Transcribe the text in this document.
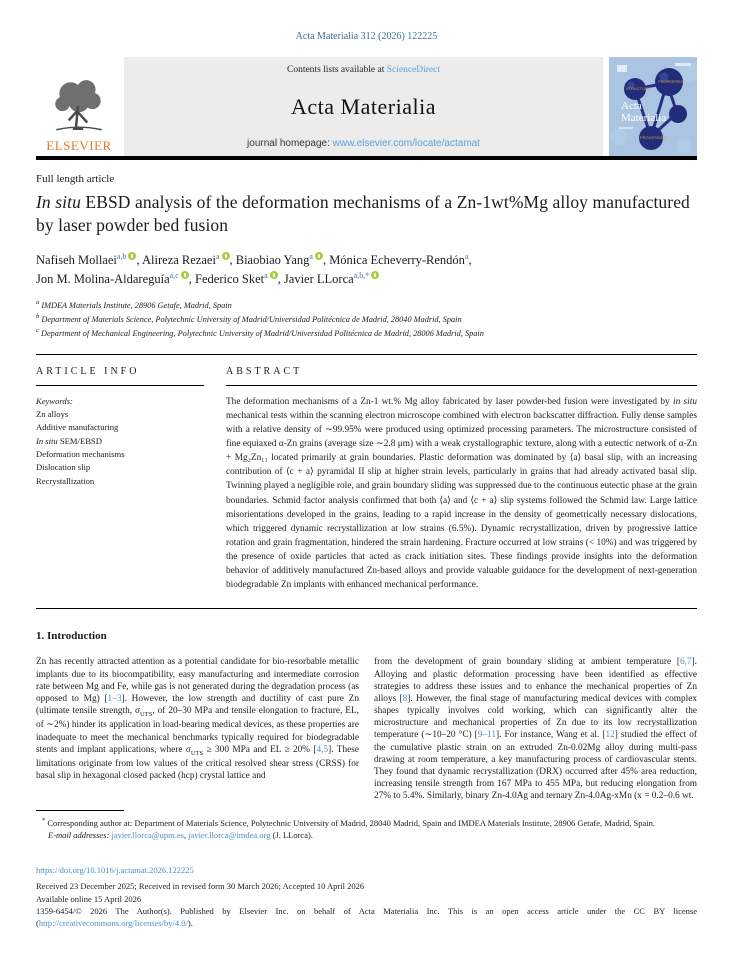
Acta Materialia 312 (2026) 122225
ELSEVIER
Contents lists available at ScienceDirect
Acta Materialia
journal homepage: www.elsevier.com/locate/actamat
STRUCTURE
PROPERTIES
PROCESSING
Acta
Materialia
Full length article
In situ EBSD analysis of the deformation mechanisms of a Zn-1wt%Mg alloy manufactured by laser powder bed fusion

Nafiseh Mollaei$^{a,b}$ , Alireza Rezaei$^a$ , Biaobiao Yang$^a$ , Mónica Echeverry-Rendón$^a$,
Jon M. Molina-Aldareguía$^{a,c}$ , Federico Sket$^a$ , Javier LLorca$^{a,b,*}$

$^a$ IMDEA Materials Institute, 28906 Getafe, Madrid, Spain
$^b$ Department of Materials Science, Polytechnic University of Madrid/Universidad Politécnica de Madrid, 28040 Madrid, Spain
$^c$ Department of Mechanical Engineering, Polytechnic University of Madrid/Universidad Politécnica de Madrid, 28006 Madrid, Spain
ARTICLE INFO
Keywords:
Zn alloys
Additive manufacturing
In situ SEM/EBSD
Deformation mechanisms
Dislocation slip
Recrystallization
ABSTRACT

The deformation mechanisms of a Zn-1 wt.% Mg alloy fabricated by laser powder-bed fusion were investigated by in situ mechanical tests within the scanning electron microscope combined with electron backscatter diffraction. Fully dense samples with a relative density of ∼99.95% were produced using optimized processing parameters. The microstructure consisted of fine equiaxed α-Zn grains (average size ∼2.8 μm) with a weak crystallographic texture, along with a eutectic network of α-Zn + Mg₂Zn₁₁ located primarily at grain boundaries. Plastic deformation was dominated by ⟨a⟩ basal slip, with an increasing contribution of ⟨c + a⟩ pyramidal II slip at higher strain levels, particularly in grains that had already activated basal slip. Twinning played a negligible role, and grain boundary sliding was suppressed due to the continuous eutectic phase at the grain boundaries. Schmid factor analysis confirmed that both ⟨a⟩ and ⟨c + a⟩ slip systems followed the Schmid law. Large lattice misorientations developed in the grains, leading to a rapid increase in the density of geometrically necessary dislocations, which triggered dynamic recrystallization at low strains (6.5%). Dynamic recrystallization, driven by progressive lattice rotation and grain fragmentation, hindered the strain hardening. Fracture occurred at low strains (< 10%) and was triggered by the presence of oxide particles that acted as crack initiation sites. These findings provide insights into the deformation behavior of additively manufactured Zn-based alloys and provide valuable guidance for the development of next-generation biodegradable Zn implants with enhanced mechanical performance.

1. Introduction
Zn has recently attracted attention as a potential candidate for bio-resorbable metallic implants due to its biocompatibility, easy manufacturing and intermediate corrosion rate between Mg and Fe, while gas is not generated during the degradation process (as opposed to Mg) [1–3]. However, the low strength and ductility of cast pure Zn (ultimate tensile strength, $\sigma_{UTS}$, of 20–30 MPa and tensile elongation to fracture, EL, of ∼2%) hinder its application in load-bearing medical devices, as these properties are inadequate to meet the mechanical benchmarks typically required for biodegradable stents and implant applications, where $\sigma_{UTS} \ge 300$ MPa and EL ≥ 20% [4,5]. These limitations originate from low values of the critical resolved shear stress (CRSS) for basal slip in hexagonal closed packed (hcp) crystal lattice and
from the development of grain boundary sliding at ambient temperature [6,7]. Alloying and plastic deformation processing have been identified as effective strategies to address these issues and to enhance the mechanical properties of Zn alloys [8]. However, the final stage of manufacturing medical devices with complex shapes typically involves cold working, which can significantly alter the microstructure and mechanical properties of Zn due to its low recrystallization temperature (∼10–20 °C) [9–11]. For instance, Wang et al. [12] studied the effect of the cumulative plastic strain on an extruded Zn-0.02Mg alloy during multi-pass drawing at room temperature, a key manufacturing process of cardiovascular stents. They found that dynamic recrystallization (DRX) occurred after 45% area reduction, increasing tensile strength from 167 MPa to 455 MPa, but reducing elongation from 27% to 5.4%. Similarly, binary Zn-4.0Ag and ternary Zn-4.0Ag-xMn (x = 0.2–0.6 wt.
* Corresponding author at: Department of Materials Science, Polytechnic University of Madrid, 28040 Madrid, Spain and IMDEA Materials Institute, 28906 Getafe, Madrid, Spain.
E-mail addresses: javier.llorca@upm.es, javier.llorca@imdea.org (J. LLorca).
https://doi.org/10.1016/j.actamat.2026.122225
Received 23 December 2025; Received in revised form 30 March 2026; Accepted 10 April 2026
Available online 15 April 2026
1359-6454/© 2026 The Author(s). Published by Elsevier Inc. on behalf of Acta Materialia Inc. This is an open access article under the CC BY license (http://creativecommons.org/licenses/by/4.0/).
